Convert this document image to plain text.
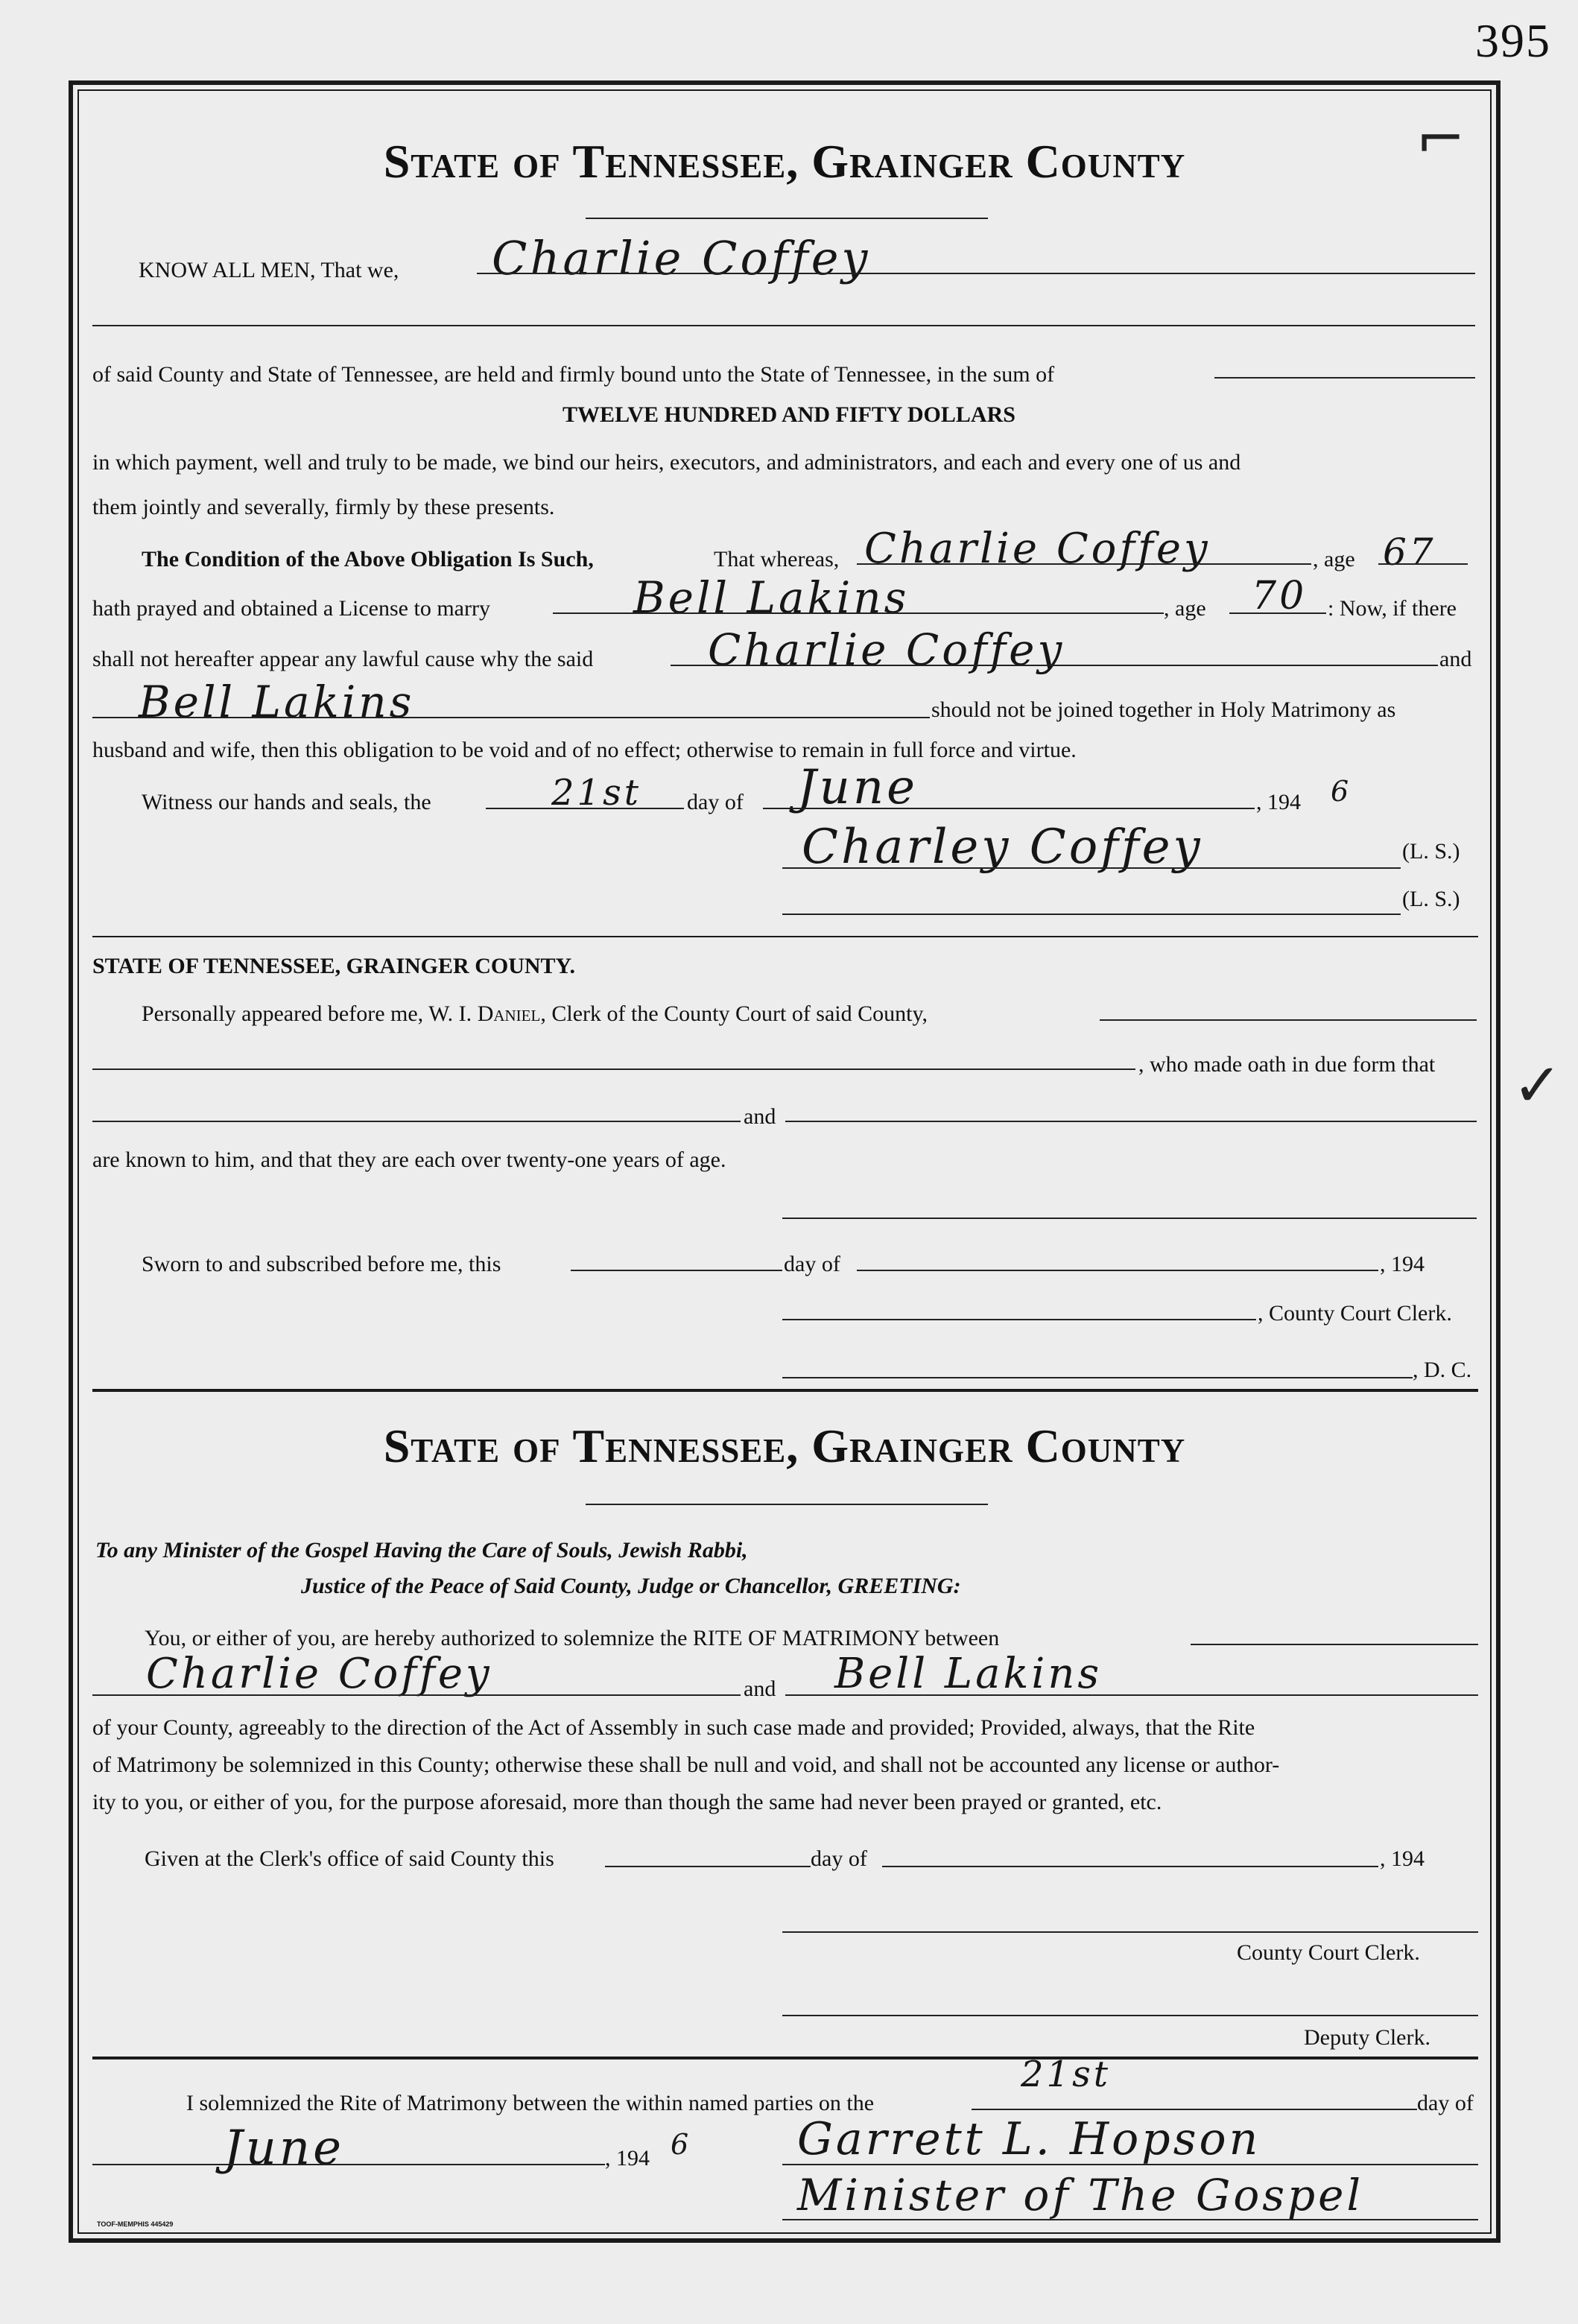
395
⌐
✓
State of Tennessee, Grainger County
KNOW ALL MEN, That we, Charlie Coffey
of said County and State of Tennessee, are held and firmly bound unto the State of Tennessee, in the sum of
TWELVE HUNDRED AND FIFTY DOLLARS
in which payment, well and truly to be made, we bind our heirs, executors, and administrators, and each and every one of us and
them jointly and severally, firmly by these presents.
The Condition of the Above Obligation Is Such,	That whereas, Charlie Coffey	, age 67
hath prayed and obtained a License to marry	Bell Lakins	, age 70 : Now, if there
shall not hereafter appear any lawful cause why the said	Charlie Coffey	and
Bell Lakins	should not be joined together in Holy Matrimony as
husband and wife, then this obligation to be void and of no effect; otherwise to remain in full force and virtue.
Witness our hands and seals, the	21st day of June	, 194 6
Charley Coffey	(L. S.)
(L. S.)
STATE OF TENNESSEE, GRAINGER COUNTY.
Personally appeared before me, W. I. Daniel, Clerk of the County Court of said County,
, who made oath in due form that
and
are known to him, and that they are each over twenty-one years of age.
Sworn to and subscribed before me, this	day of	, 194
, County Court Clerk.
, D. C.
State of Tennessee, Grainger County
To any Minister of the Gospel Having the Care of Souls, Jewish Rabbi,
Justice of the Peace of Said County, Judge or Chancellor, GREETING:
You, or either of you, are hereby authorized to solemnize the RITE OF MATRIMONY between
Charlie Coffey	and Bell Lakins
of your County, agreeably to the direction of the Act of Assembly in such case made and provided; Provided, always, that the Rite
of Matrimony be solemnized in this County; otherwise these shall be null and void, and shall not be accounted any license or author-
ity to you, or either of you, for the purpose aforesaid, more than though the same had never been prayed or granted, etc.
Given at the Clerk's office of said County this	day of	, 194
County Court Clerk.
Deputy Clerk.
I solemnized the Rite of Matrimony between the within named parties on the
21st
day of
June	, 194 6 Garrett L. Hopson
Minister of The Gospel
TOOF-MEMPHIS 445429
